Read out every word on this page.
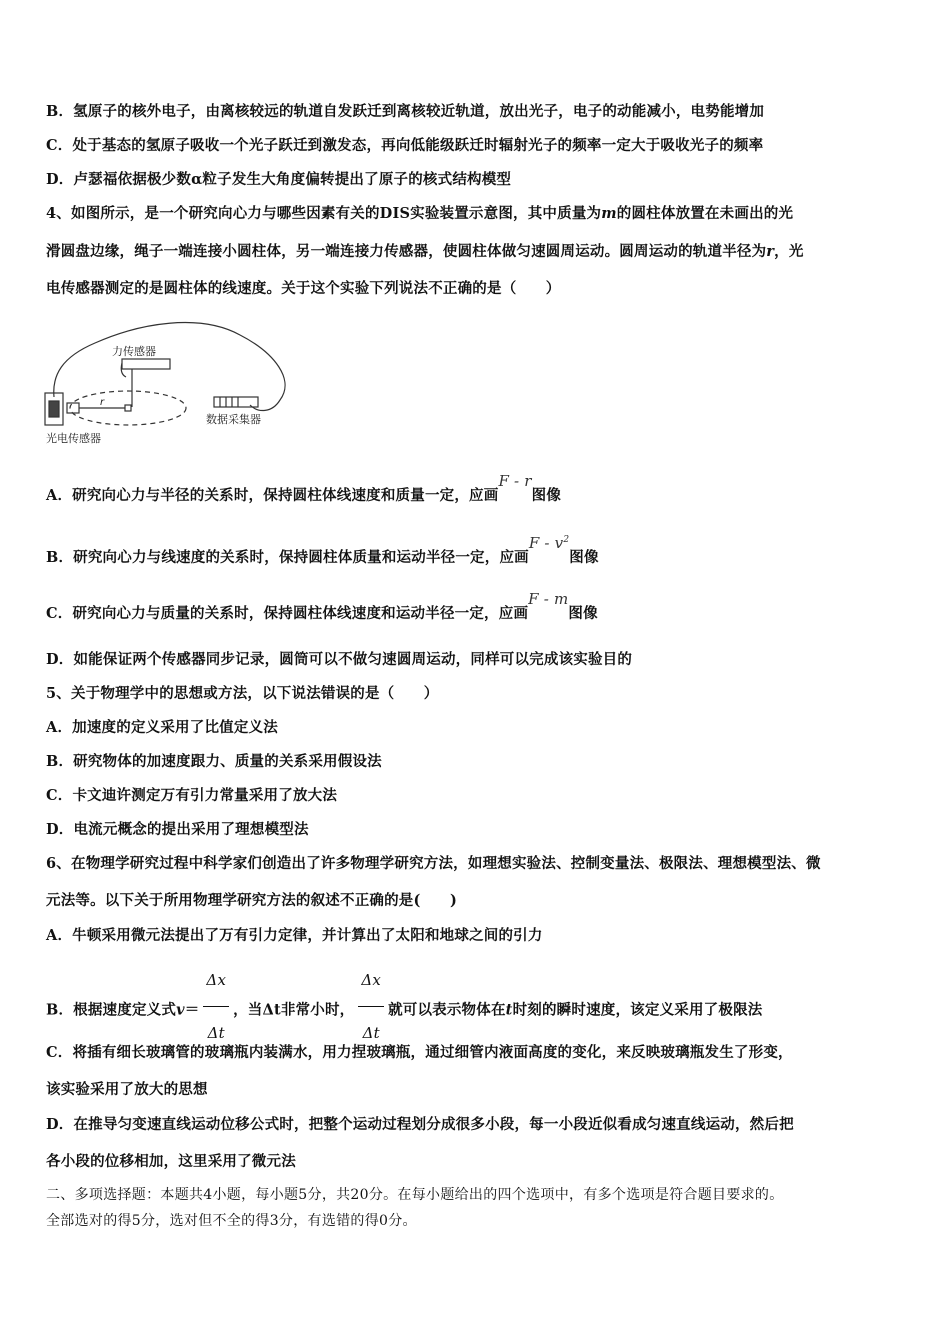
B．氢原子的核外电子，由离核较远的轨道自发跃迁到离核较近轨道，放出光子，电子的动能减小，电势能增加
C．处于基态的氢原子吸收一个光子跃迁到激发态，再向低能级跃迁时辐射光子的频率一定大于吸收光子的频率
D．卢瑟福依据极少数α粒子发生大角度偏转提出了原子的核式结构模型
4、如图所示，是一个研究向心力与哪些因素有关的DIS实验装置示意图，其中质量为m的圆柱体放置在未画出的光
滑圆盘边缘，绳子一端连接小圆柱体，另一端连接力传感器，使圆柱体做匀速圆周运动。圆周运动的轨道半径为r，光
电传感器测定的是圆柱体的线速度。关于这个实验下列说法不正确的是（　　）
力传感器
r
数据采集器
光电传感器
A．研究向心力与半径的关系时，保持圆柱体线速度和质量一定，应画F - r图像
B．研究向心力与线速度的关系时，保持圆柱体质量和运动半径一定，应画F - $v^2$图像
C．研究向心力与质量的关系时，保持圆柱体线速度和运动半径一定，应画F - m图像
D．如能保证两个传感器同步记录，圆筒可以不做匀速圆周运动，同样可以完成该实验目的
5、关于物理学中的思想或方法，以下说法错误的是（　　）
A．加速度的定义采用了比值定义法
B．研究物体的加速度跟力、质量的关系采用假设法
C．卡文迪许测定万有引力常量采用了放大法
D．电流元概念的提出采用了理想模型法
6、在物理学研究过程中科学家们创造出了许多物理学研究方法，如理想实验法、控制变量法、极限法、理想模型法、微
元法等。以下关于所用物理学研究方法的叙述不正确的是(　　)
A．牛顿采用微元法提出了万有引力定律，并计算出了太阳和地球之间的引力
B．根据速度定义式$v= \frac{\Delta x}{\Delta t}$ ，当Δt非常小时， $\frac{\Delta x}{\Delta t}$ 就可以表示物体在t时刻的瞬时速度，该定义采用了极限法
C．将插有细长玻璃管的玻璃瓶内装满水，用力捏玻璃瓶，通过细管内液面高度的变化，来反映玻璃瓶发生了形变，
该实验采用了放大的思想
D．在推导匀变速直线运动位移公式时，把整个运动过程划分成很多小段，每一小段近似看成匀速直线运动，然后把
各小段的位移相加，这里采用了微元法
二、多项选择题：本题共4小题，每小题5分，共20分。在每小题给出的四个选项中，有多个选项是符合题目要求的。
全部选对的得5分，选对但不全的得3分，有选错的得0分。
